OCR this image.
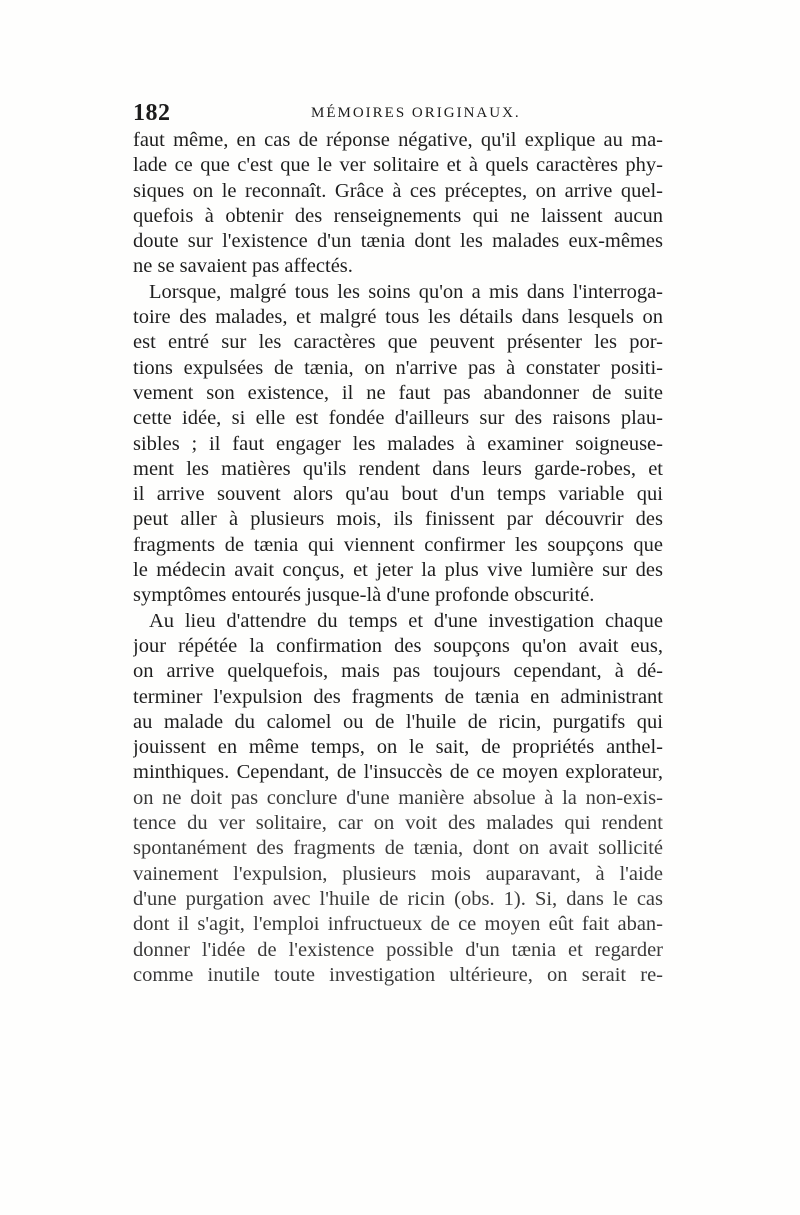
182	MÉMOIRES ORIGINAUX.
faut même, en cas de réponse négative, qu'il explique au ma-
lade ce que c'est que le ver solitaire et à quels caractères phy-
siques on le reconnaît. Grâce à ces préceptes, on arrive quel-
quefois à obtenir des renseignements qui ne laissent aucun
doute sur l'existence d'un tænia dont les malades eux-mêmes
ne se savaient pas affectés.
Lorsque, malgré tous les soins qu'on a mis dans l'interroga-
toire des malades, et malgré tous les détails dans lesquels on
est entré sur les caractères que peuvent présenter les por-
tions expulsées de tænia, on n'arrive pas à constater positi-
vement son existence, il ne faut pas abandonner de suite
cette idée, si elle est fondée d'ailleurs sur des raisons plau-
sibles ; il faut engager les malades à examiner soigneuse-
ment les matières qu'ils rendent dans leurs garde-robes, et
il arrive souvent alors qu'au bout d'un temps variable qui
peut aller à plusieurs mois, ils finissent par découvrir des
fragments de tænia qui viennent confirmer les soupçons que
le médecin avait conçus, et jeter la plus vive lumière sur des
symptômes entourés jusque-là d'une profonde obscurité.
Au lieu d'attendre du temps et d'une investigation chaque
jour répétée la confirmation des soupçons qu'on avait eus,
on arrive quelquefois, mais pas toujours cependant, à dé-
terminer l'expulsion des fragments de tænia en administrant
au malade du calomel ou de l'huile de ricin, purgatifs qui
jouissent en même temps, on le sait, de propriétés anthel-
minthiques. Cependant, de l'insuccès de ce moyen explorateur,
on ne doit pas conclure d'une manière absolue à la non-exis-
tence du ver solitaire, car on voit des malades qui rendent
spontanément des fragments de tænia, dont on avait sollicité
vainement l'expulsion, plusieurs mois auparavant, à l'aide
d'une purgation avec l'huile de ricin (obs. 1). Si, dans le cas
dont il s'agit, l'emploi infructueux de ce moyen eût fait aban-
donner l'idée de l'existence possible d'un tænia et regarder
comme inutile toute investigation ultérieure, on serait re-
